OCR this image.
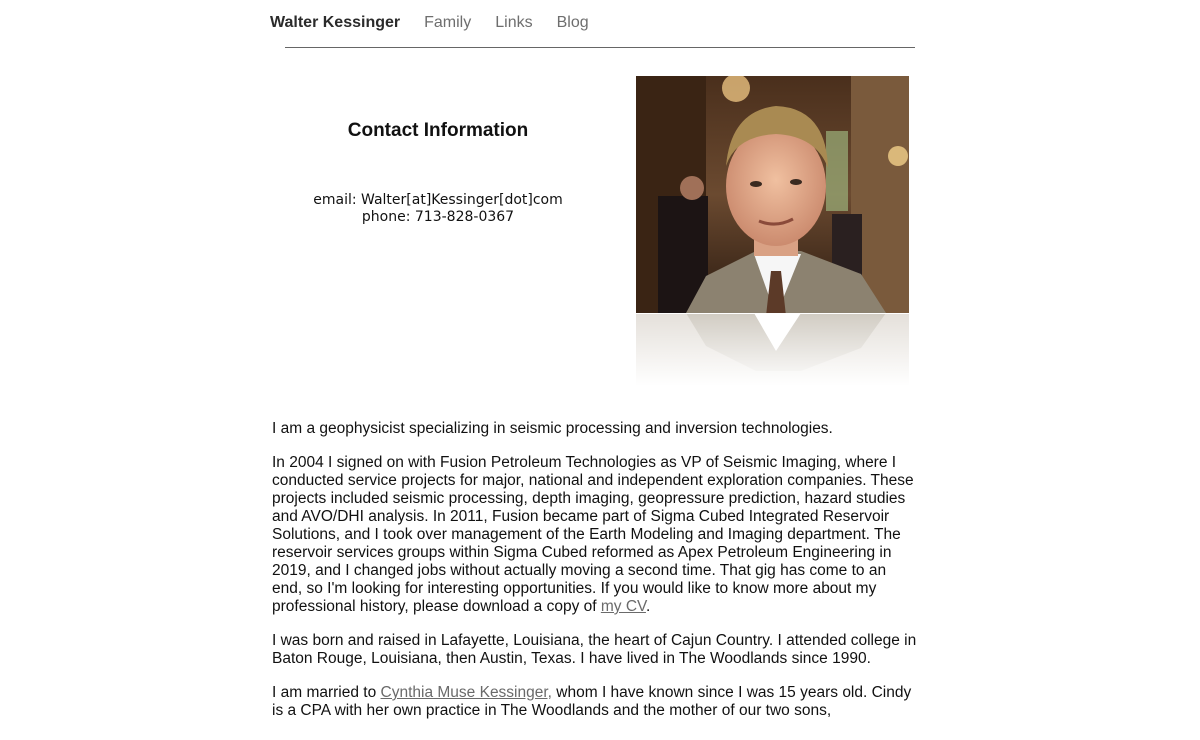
Walter Kessinger Family Links Blog
Contact Information
email: Walter[at]Kessinger[dot]com
phone: 713-828-0367

I am a geophysicist specializing in seismic processing and inversion technologies.

In 2004 I signed on with Fusion Petroleum Technologies as VP of Seismic Imaging, where I conducted service projects for major, national and independent exploration companies. These projects included seismic processing, depth imaging, geopressure prediction, hazard studies and AVO/DHI analysis. In 2011, Fusion became part of Sigma Cubed Integrated Reservoir Solutions, and I took over management of the Earth Modeling and Imaging department. The reservoir services groups within Sigma Cubed reformed as Apex Petroleum Engineering in 2019, and I changed jobs without actually moving a second time. That gig has come to an end, so I'm looking for interesting opportunities. If you would like to know more about my professional history, please download a copy of my CV.

I was born and raised in Lafayette, Louisiana, the heart of Cajun Country. I attended college in Baton Rouge, Louisiana, then Austin, Texas. I have lived in The Woodlands since 1990.

I am married to Cynthia Muse Kessinger, whom I have known since I was 15 years old. Cindy is a CPA with her own practice in The Woodlands and the mother of our two sons,
